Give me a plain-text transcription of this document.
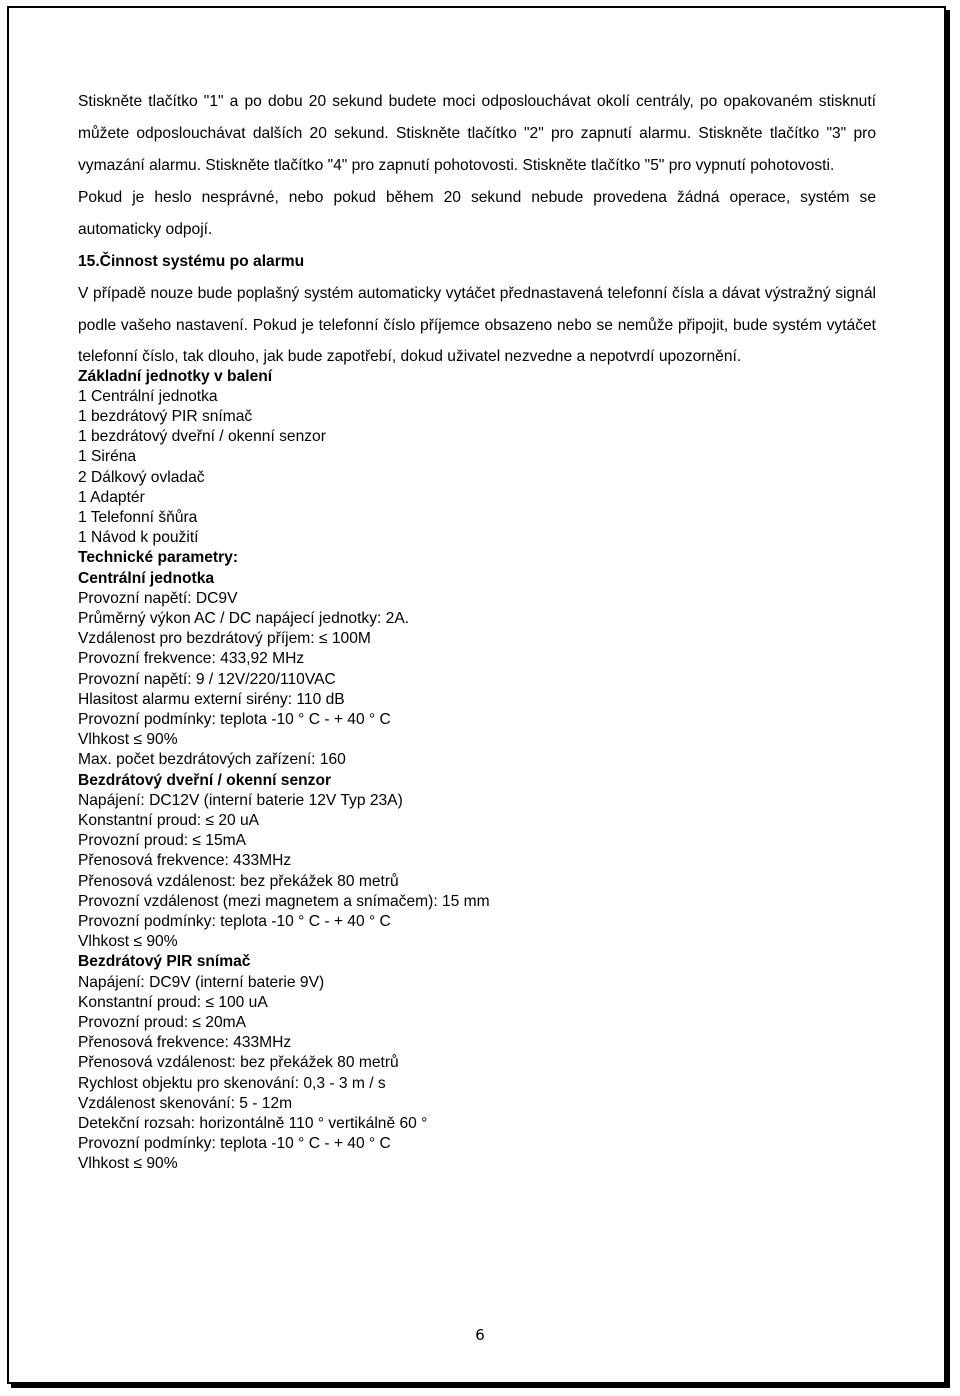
Stiskněte tlačítko "1" a po dobu 20 sekund budete moci odposlouchávat okolí centrály, po opakovaném stisknutí můžete odposlouchávat dalších 20 sekund. Stiskněte tlačítko "2" pro zapnutí alarmu. Stiskněte tlačítko "3" pro vymazání alarmu. Stiskněte tlačítko "4" pro zapnutí pohotovosti. Stiskněte tlačítko "5" pro vypnutí pohotovosti.

Pokud je heslo nesprávné, nebo pokud během 20 sekund nebude provedena žádná operace, systém se automaticky odpojí.

15.Činnost systému po alarmu

V případě nouze bude poplašný systém automaticky vytáčet přednastavená telefonní čísla a dávat výstražný signál podle vašeho nastavení. Pokud je telefonní číslo příjemce obsazeno nebo se nemůže připojit, bude systém vytáčet telefonní číslo, tak dlouho, jak bude zapotřebí, dokud uživatel nezvedne a nepotvrdí upozornění.

Základní jednotky v balení
1 Centrální jednotka
1 bezdrátový PIR snímač
1 bezdrátový dveřní / okenní senzor
1 Siréna
2 Dálkový ovladač
1 Adaptér
1 Telefonní šňůra
1 Návod k použití
Technické parametry:
Centrální jednotka
Provozní napětí: DC9V
Průměrný výkon AC / DC napájecí jednotky: 2A.
Vzdálenost pro bezdrátový příjem: ≤ 100M
Provozní frekvence: 433,92 MHz
Provozní napětí: 9 / 12V/220/110VAC
Hlasitost alarmu externí sirény: 110 dB
Provozní podmínky: teplota -10 ° C - + 40 ° C
Vlhkost ≤ 90%
Max. počet bezdrátových zařízení: 160
Bezdrátový dveřní / okenní senzor
Napájení: DC12V (interní baterie 12V Typ 23A)
Konstantní proud: ≤ 20 uA
Provozní proud: ≤ 15mA
Přenosová frekvence: 433MHz
Přenosová vzdálenost: bez překážek 80 metrů
Provozní vzdálenost (mezi magnetem a snímačem): 15 mm
Provozní podmínky: teplota -10 ° C - + 40 ° C
Vlhkost ≤ 90%
Bezdrátový PIR snímač
Napájení: DC9V (interní baterie 9V)
Konstantní proud: ≤ 100 uA
Provozní proud: ≤ 20mA
Přenosová frekvence: 433MHz
Přenosová vzdálenost: bez překážek 80 metrů
Rychlost objektu pro skenování: 0,3 - 3 m / s
Vzdálenost skenování: 5 - 12m
Detekční rozsah: horizontálně 110 ° vertikálně 60 °
Provozní podmínky: teplota -10 ° C - + 40 ° C
Vlhkost ≤ 90%
6
